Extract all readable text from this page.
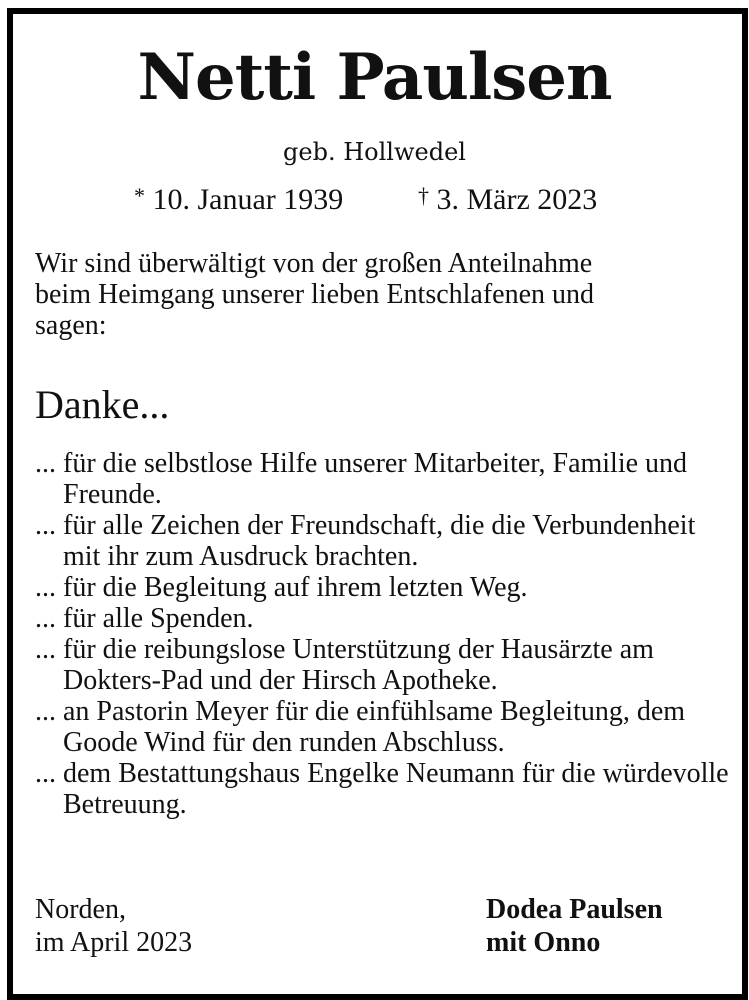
Netti Paulsen
geb. Hollwedel
* 10. Januar 1939	† 3. März 2023

Wir sind überwältigt von der großen Anteilnahme

beim Heimgang unserer lieben Entschlafenen und

sagen:

Danke...
... für die selbstlose Hilfe unserer Mitarbeiter, Familie und Freunde.
... für alle Zeichen der Freundschaft, die die Verbundenheit mit ihr zum Ausdruck brachten.
... für die Begleitung auf ihrem letzten Weg.
... für alle Spenden.
... für die reibungslose Unterstützung der Hausärzte am Dokters-Pad und der Hirsch Apotheke.
... an Pastorin Meyer für die einfühlsame Begleitung, dem Goode Wind für den runden Abschluss.
... dem Bestattungshaus Engelke Neumann für die würdevolle Betreuung.
Norden,
im April 2023
Dodea Paulsen
mit Onno
